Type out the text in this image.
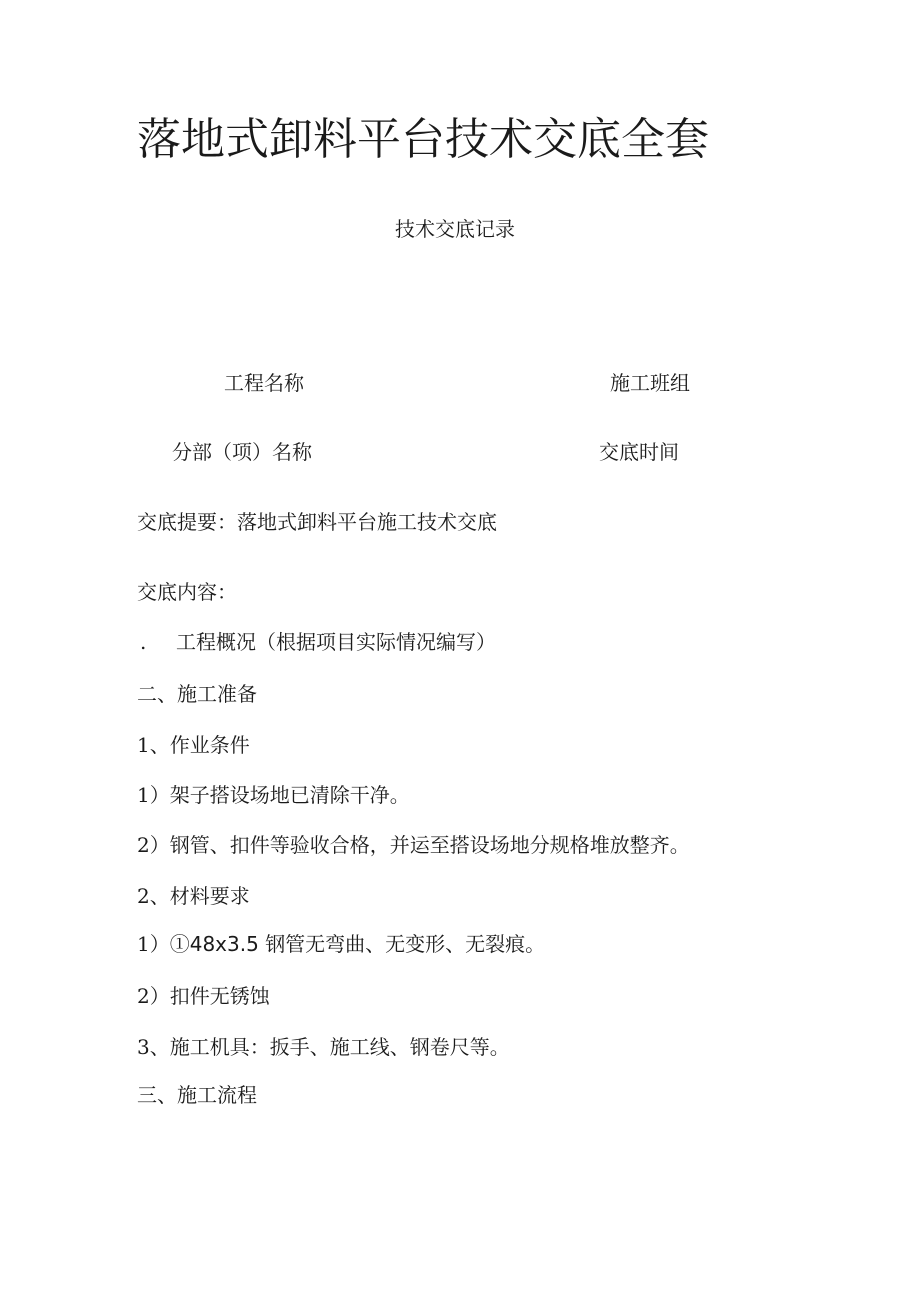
落地式卸料平台技术交底全套
技术交底记录
工程名称	施工班组
分部（项）名称	交底时间
交底提要：落地式卸料平台施工技术交底
交底内容：
. 工程概况（根据项目实际情况编写）
二、施工准备
1、作业条件
1）架子搭设场地已清除干净。
2）钢管、扣件等验收合格，并运至搭设场地分规格堆放整齐。
2、材料要求
1）①48x3.5 钢管无弯曲、无变形、无裂痕。
2）扣件无锈蚀
3、施工机具：扳手、施工线、钢卷尺等。
三、施工流程
